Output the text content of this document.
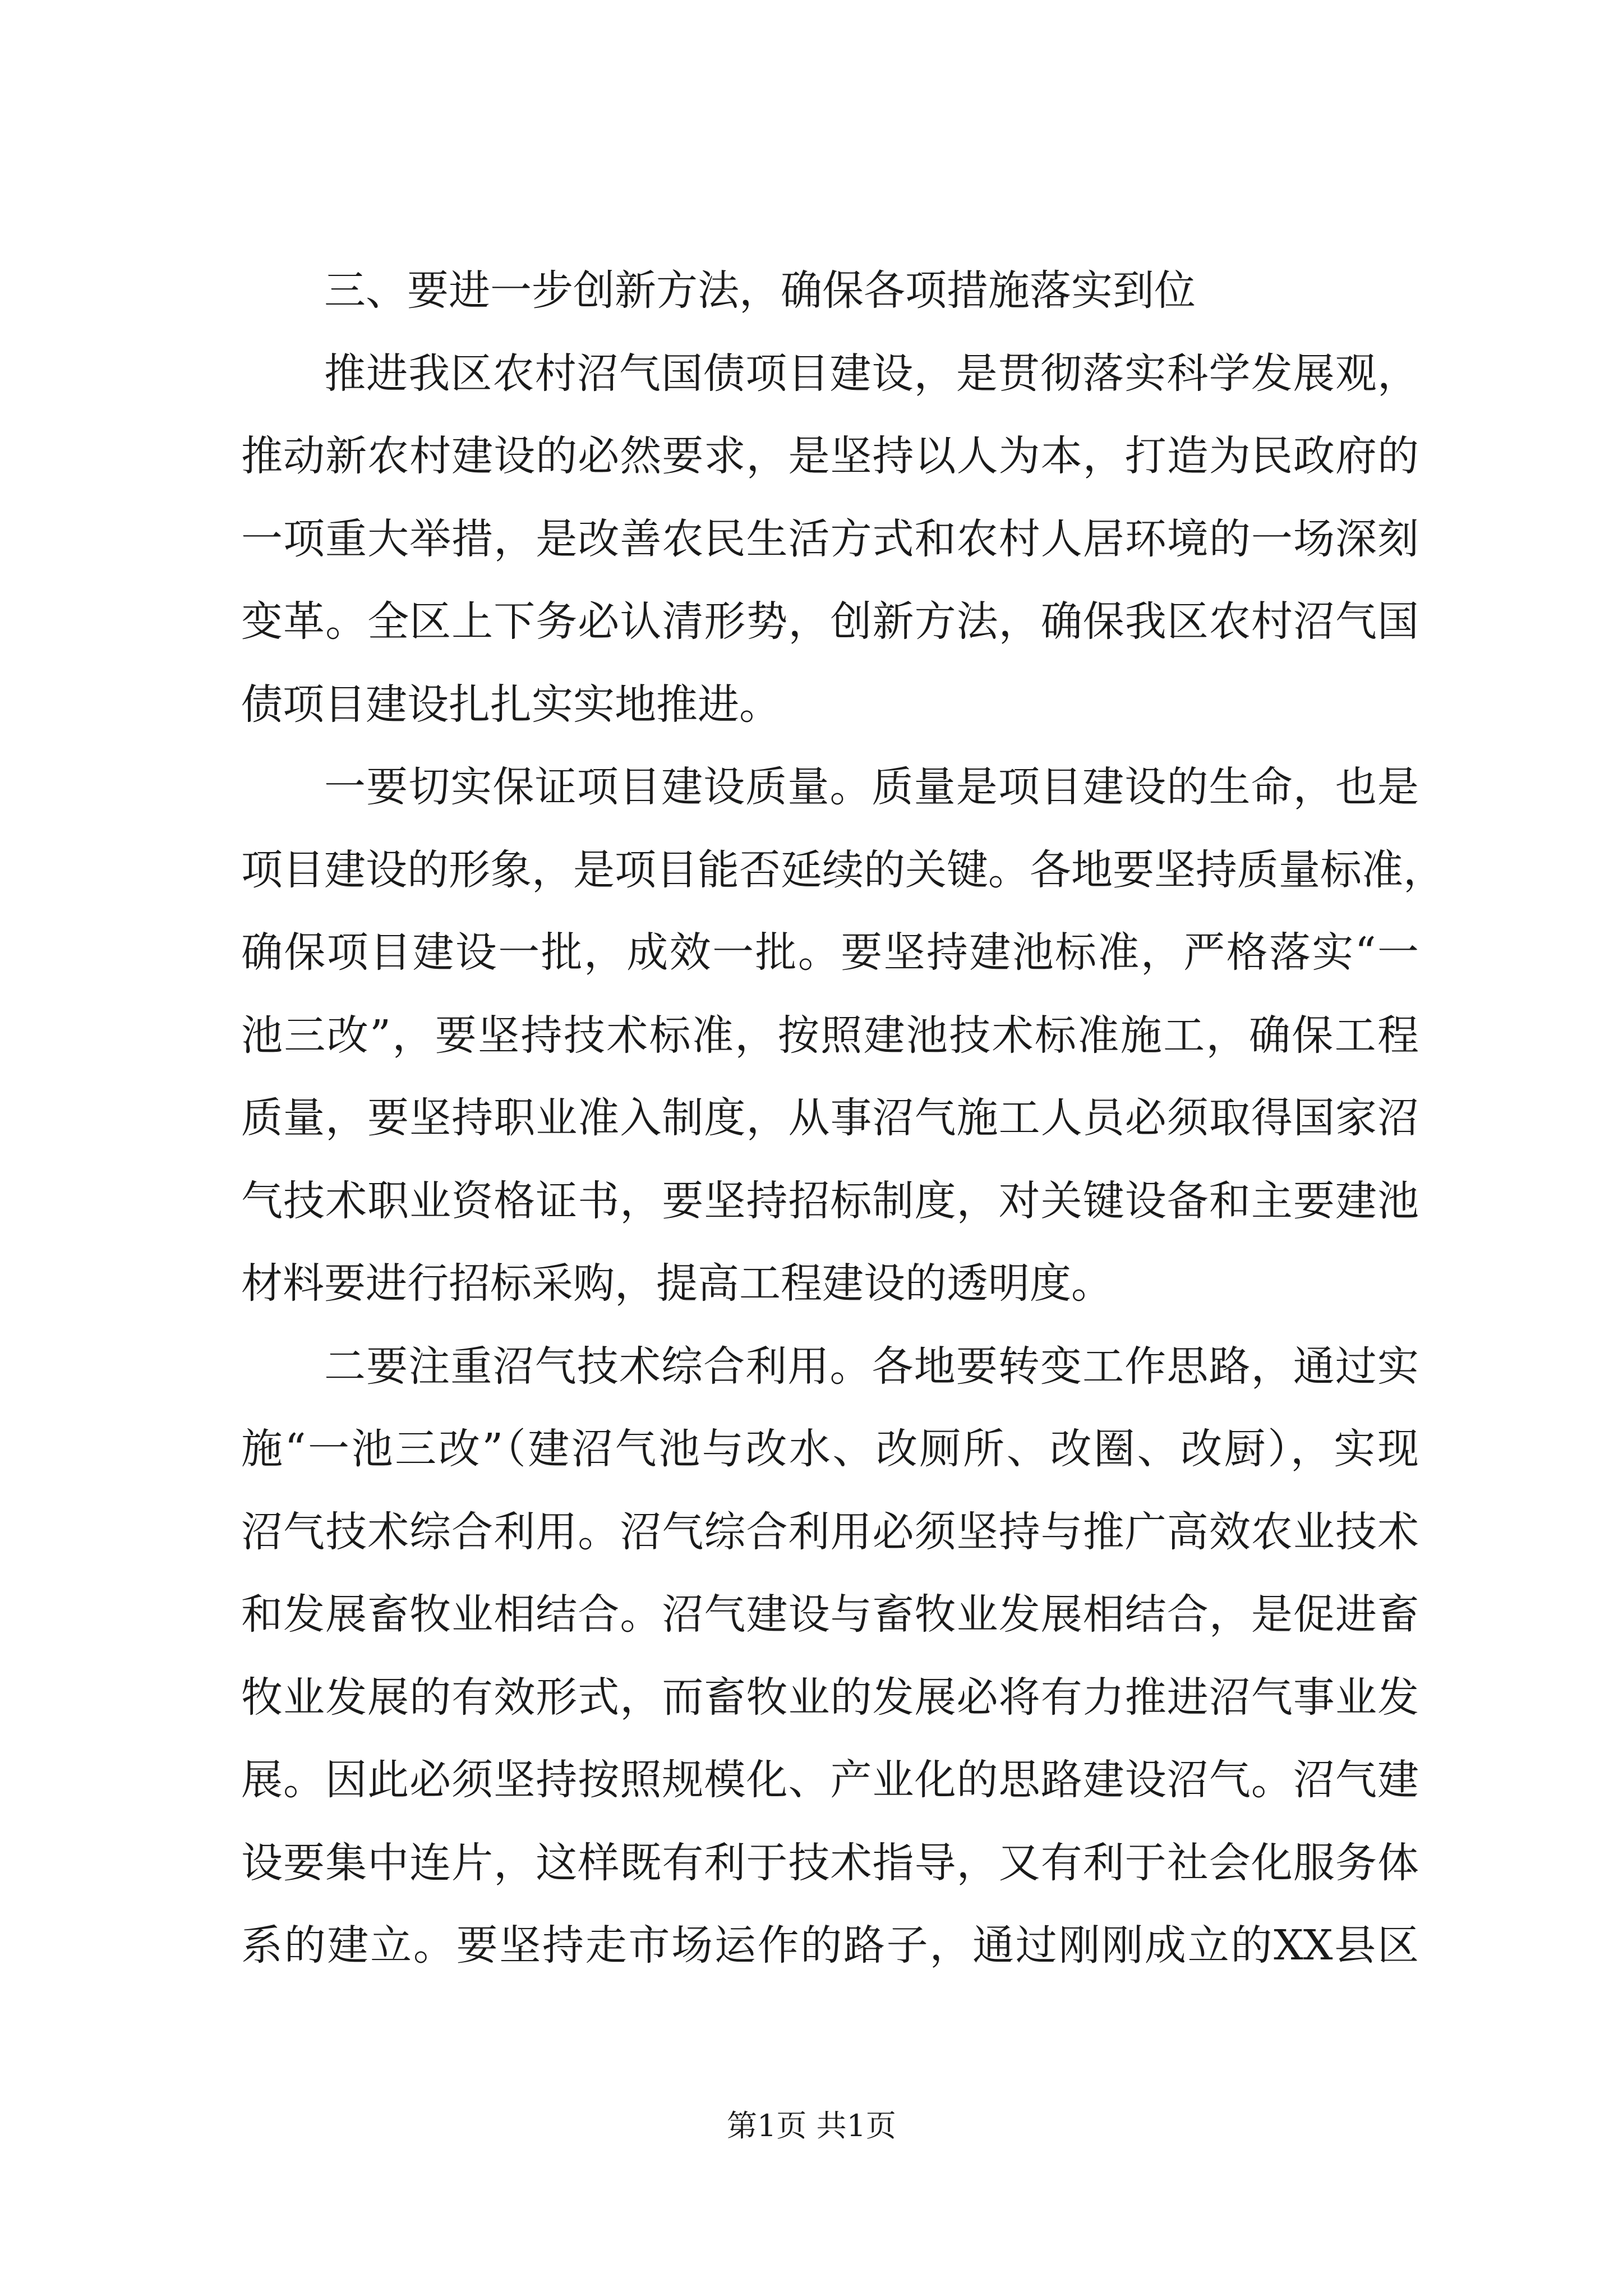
三、要进一步创新方法，确保各项措施落实到位
推进我区农村沼气国债项目建设，是贯彻落实科学发展观，
推动新农村建设的必然要求，是坚持以人为本，打造为民政府的
一项重大举措，是改善农民生活方式和农村人居环境的一场深刻
变革。全区上下务必认清形势，创新方法，确保我区农村沼气国
债项目建设扎扎实实地推进。
一要切实保证项目建设质量。质量是项目建设的生命，也是
项目建设的形象，是项目能否延续的关键。各地要坚持质量标准，
确保项目建设一批，成效一批。要坚持建池标准，严格落实“一
池三改”，要坚持技术标准，按照建池技术标准施工，确保工程
质量，要坚持职业准入制度，从事沼气施工人员必须取得国家沼
气技术职业资格证书，要坚持招标制度，对关键设备和主要建池
材料要进行招标采购，提高工程建设的透明度。
二要注重沼气技术综合利用。各地要转变工作思路，通过实
施“一池三改”（建沼气池与改水、改厕所、改圈、改厨），实现
沼气技术综合利用。沼气综合利用必须坚持与推广高效农业技术
和发展畜牧业相结合。沼气建设与畜牧业发展相结合，是促进畜
牧业发展的有效形式，而畜牧业的发展必将有力推进沼气事业发
展。因此必须坚持按照规模化、产业化的思路建设沼气。沼气建
设要集中连片，这样既有利于技术指导，又有利于社会化服务体
系的建立。要坚持走市场运作的路子，通过刚刚成立的XX县区
第1页 共1页
